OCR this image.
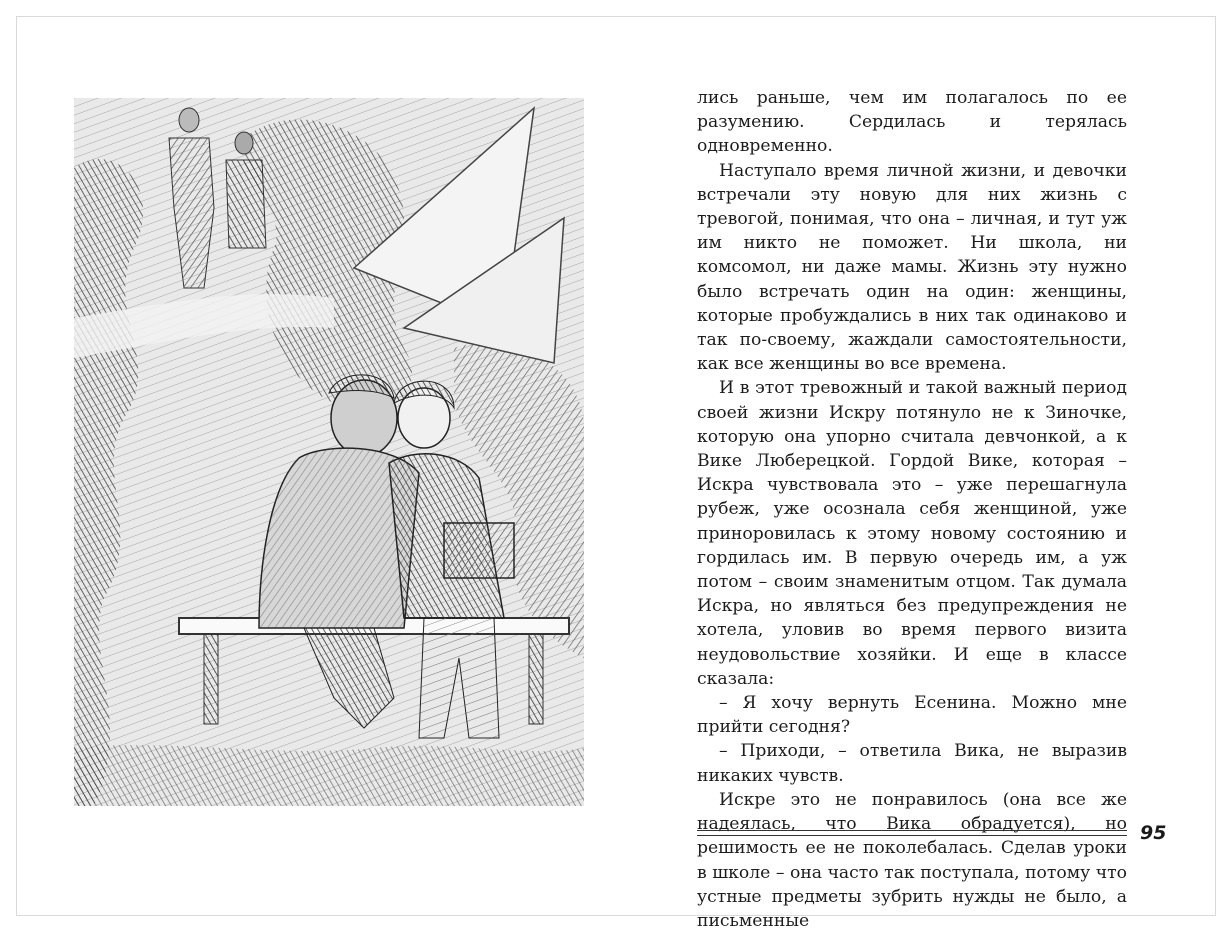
лись раньше, чем им полагалось по ее разумению. Сердилась и терялась одновременно.

Наступало время личной жизни, и девочки встречали эту новую для них жизнь с тревогой, понимая, что она – личная, и тут уж им никто не поможет. Ни школа, ни комсомол, ни даже мамы. Жизнь эту нужно было встречать один на один: женщины, которые пробуждались в них так одинаково и так по-своему, жаждали самостоятельности, как все женщины во все времена.

И в этот тревожный и такой важный период своей жизни Искру потянуло не к Зиночке, которую она упорно считала девчонкой, а к Вике Люберецкой. Гордой Вике, которая – Искра чувствовала это – уже перешагнула рубеж, уже осознала себя женщиной, уже приноровилась к этому новому состоянию и гордилась им. В первую очередь им, а уж потом – своим знаменитым отцом. Так думала Искра, но являться без предупреждения не хотела, уловив во время первого визита неудовольствие хозяйки. И еще в классе сказала:

– Я хочу вернуть Есенина. Можно мне прийти сегодня?

– Приходи, – ответила Вика, не выразив никаких чувств.

Искре это не понравилось (она все же надеялась, что Вика обрадуется), но решимость ее не поколебалась. Сделав уроки в школе – она часто так поступала, потому что устные предметы зубрить нужды не было, а письменные

95
